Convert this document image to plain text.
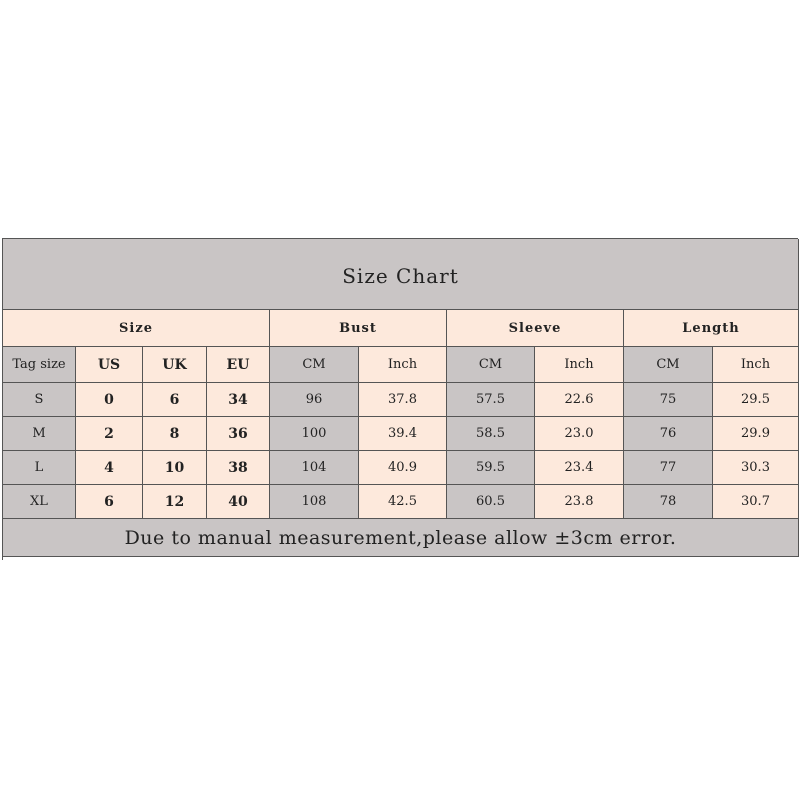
Size Chart
Size	Bust	Sleeve	Length
Tag size	US	UK	EU	CM	Inch	CM	Inch	CM	Inch
S	0	6	34	96	37.8	57.5	22.6	75	29.5
M	2	8	36	100	39.4	58.5	23.0	76	29.9
L	4	10	38	104	40.9	59.5	23.4	77	30.3
XL	6	12	40	108	42.5	60.5	23.8	78	30.7
Due to manual measurement,please allow ±3cm error.
